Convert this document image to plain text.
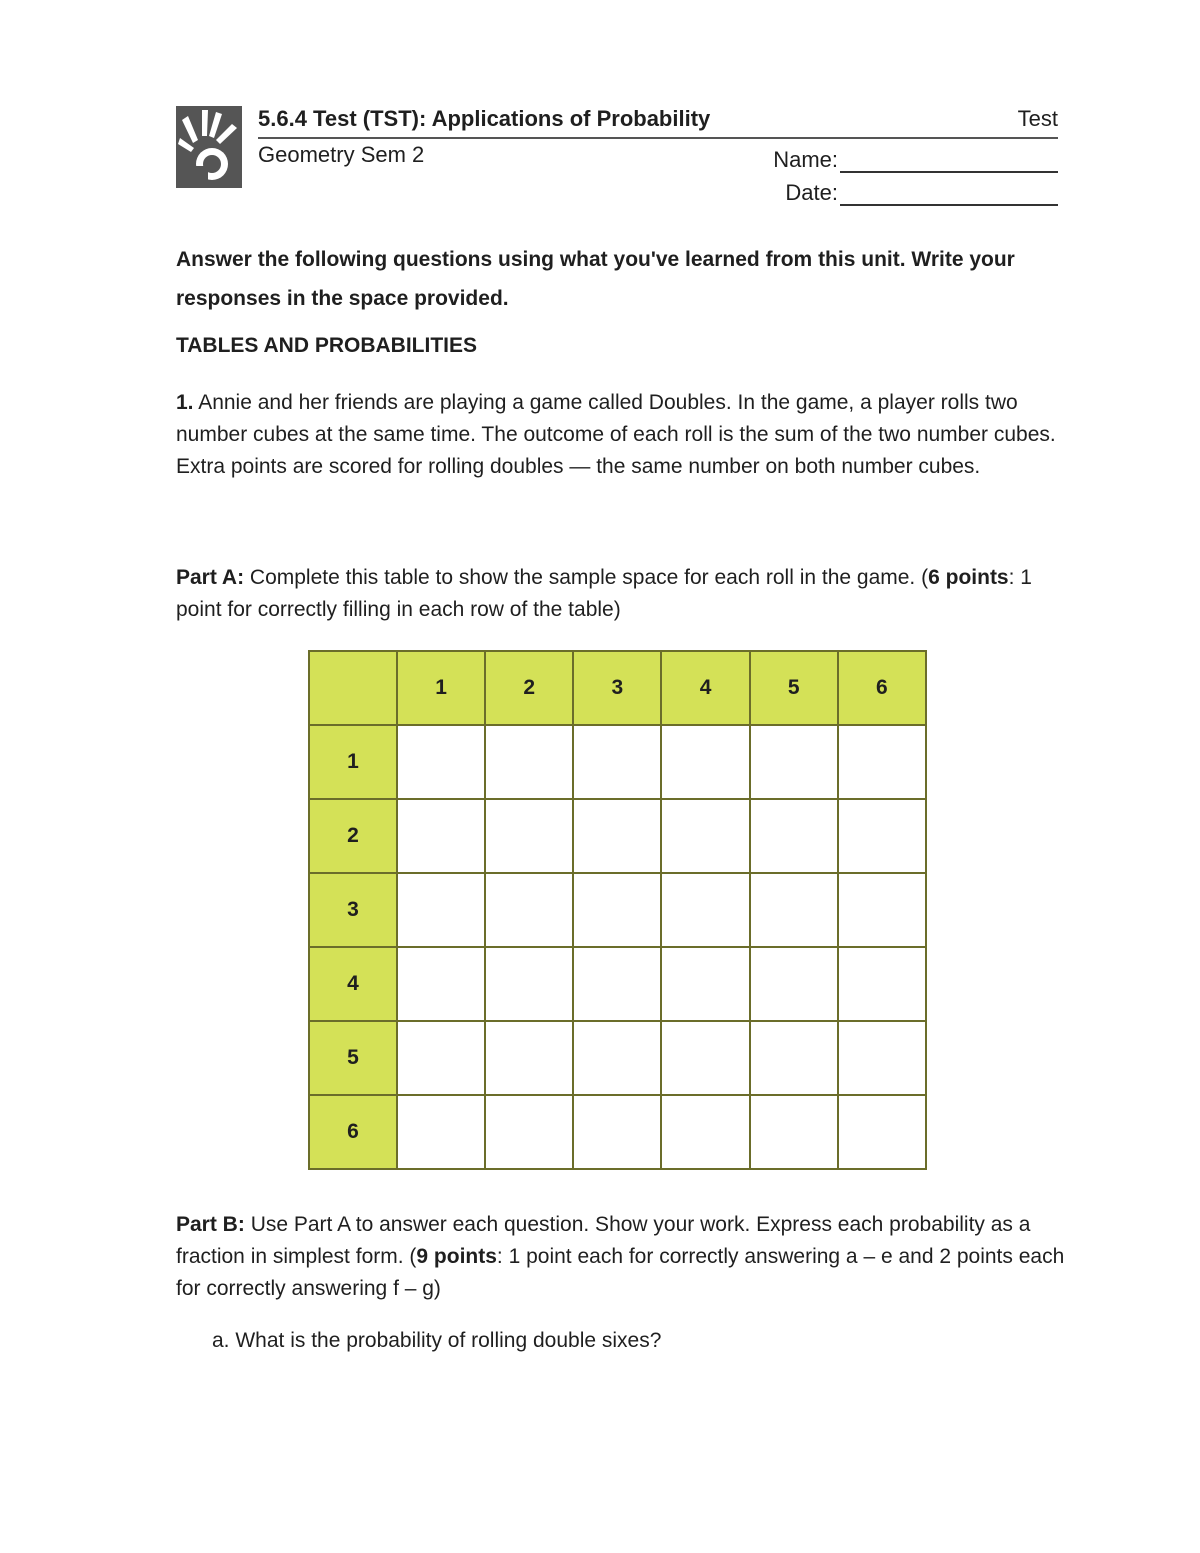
5.6.4 Test (TST): Applications of Probability	Test
Geometry Sem 2	Name:
Date:
Answer the following questions using what you've learned from this unit. Write your responses in the space provided.
TABLES AND PROBABILITIES
1. Annie and her friends are playing a game called Doubles. In the game, a player rolls two number cubes at the same time. The outcome of each roll is the sum of the two number cubes. Extra points are scored for rolling doubles — the same number on both number cubes.
Part A: Complete this table to show the sample space for each roll in the game. (6 points: 1 point for correctly filling in each row of the table)
	1	2	3	4	5	6
1						
2						
3						
4						
5						
6						
Part B: Use Part A to answer each question. Show your work. Express each probability as a fraction in simplest form. (9 points: 1 point each for correctly answering a – e and 2 points each for correctly answering f – g)
a. What is the probability of rolling double sixes?
